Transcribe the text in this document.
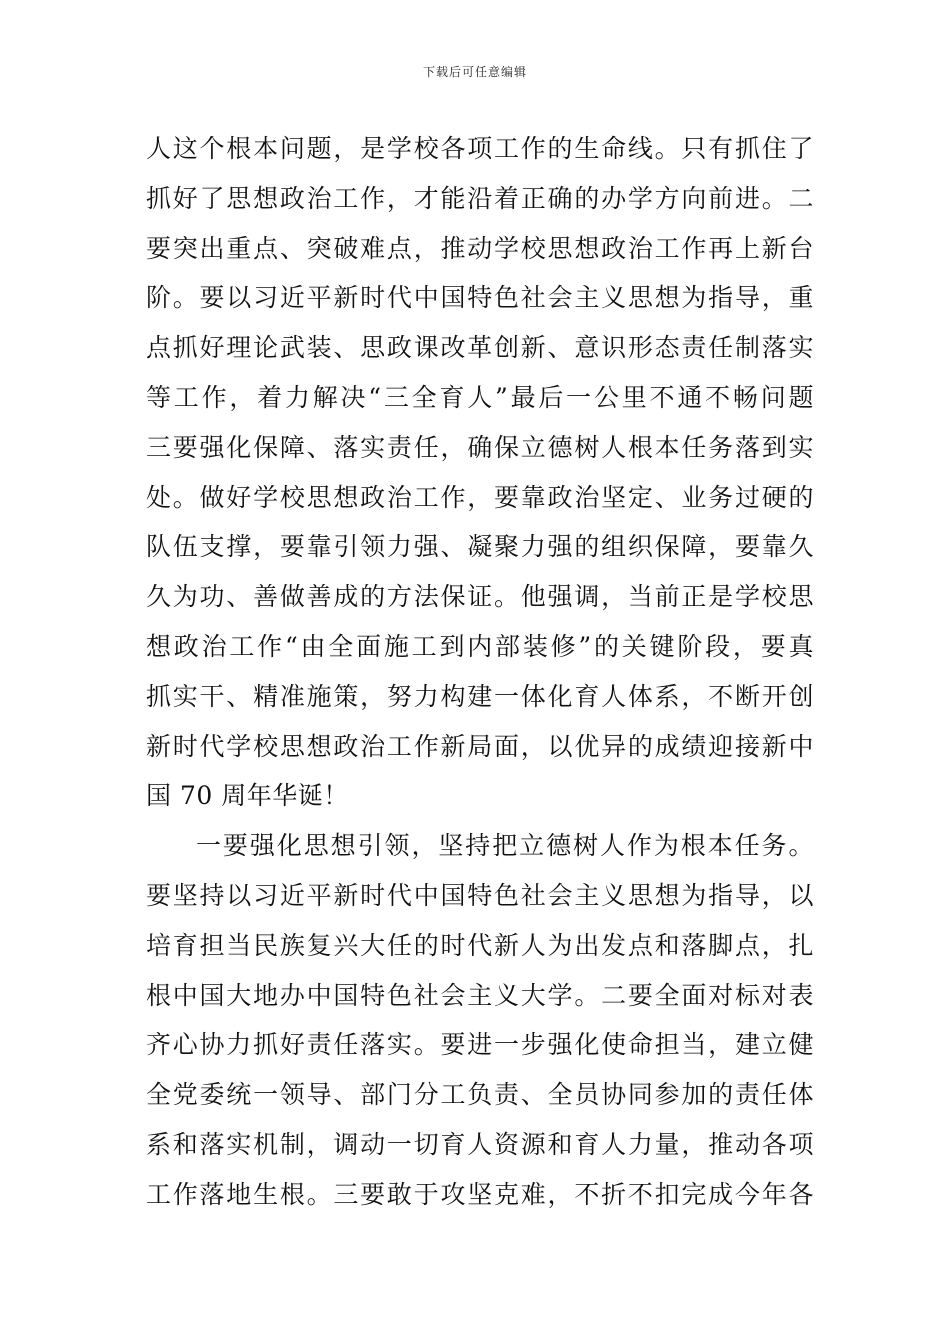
下载后可任意编辑
人这个根本问题，是学校各项工作的生命线。只有抓住了
抓好了思想政治工作，才能沿着正确的办学方向前进。二
要突出重点、突破难点，推动学校思想政治工作再上新台
阶。要以习近平新时代中国特色社会主义思想为指导，重
点抓好理论武装、思政课改革创新、意识形态责任制落实
等工作，着力解决“三全育人”最后一公里不通不畅问题
三要强化保障、落实责任，确保立德树人根本任务落到实
处。做好学校思想政治工作，要靠政治坚定、业务过硬的
队伍支撑，要靠引领力强、凝聚力强的组织保障，要靠久
久为功、善做善成的方法保证。他强调，当前正是学校思
想政治工作“由全面施工到内部装修”的关键阶段，要真
抓实干、精准施策，努力构建一体化育人体系，不断开创
新时代学校思想政治工作新局面，以优异的成绩迎接新中
国 70 周年华诞！
一要强化思想引领，坚持把立德树人作为根本任务。
要坚持以习近平新时代中国特色社会主义思想为指导，以
培育担当民族复兴大任的时代新人为出发点和落脚点，扎
根中国大地办中国特色社会主义大学。二要全面对标对表
齐心协力抓好责任落实。要进一步强化使命担当，建立健
全党委统一领导、部门分工负责、全员协同参加的责任体
系和落实机制，调动一切育人资源和育人力量，推动各项
工作落地生根。三要敢于攻坚克难，不折不扣完成今年各
